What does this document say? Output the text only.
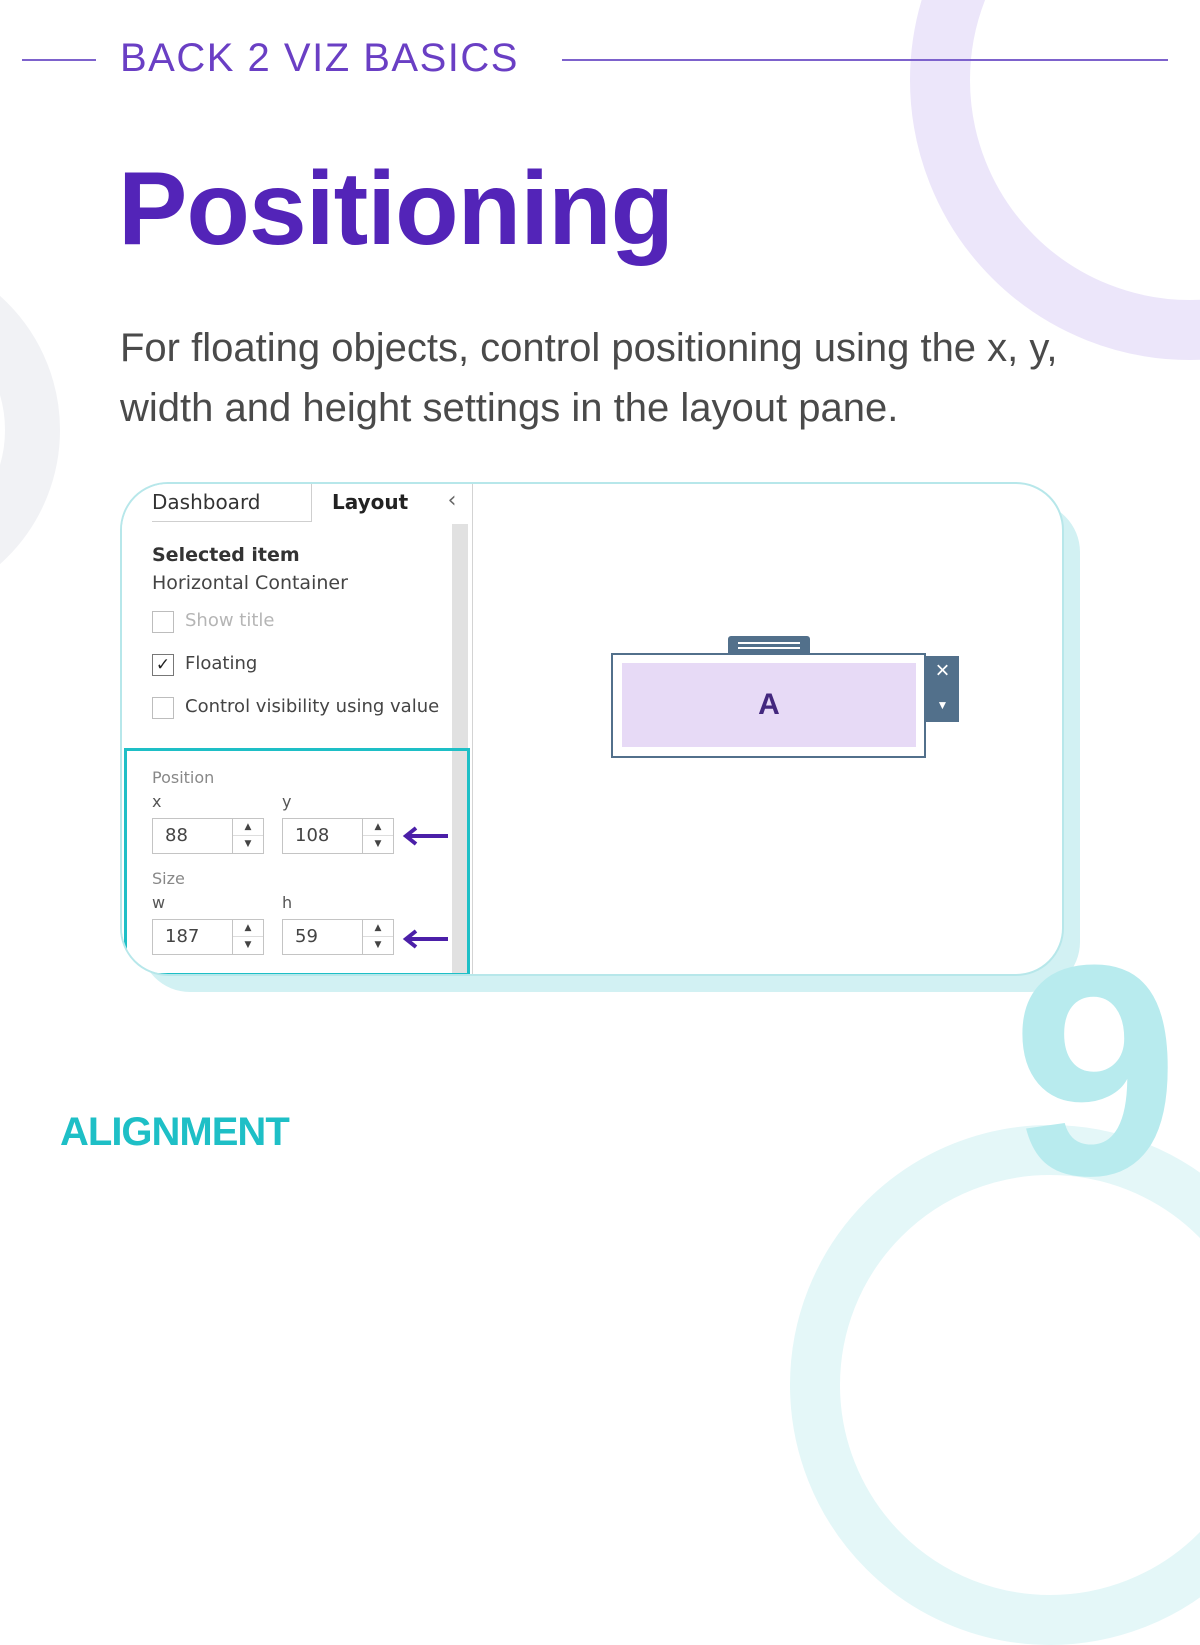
BACK 2 VIZ BASICS
Positioning
For floating objects, control positioning using the x, y, width and height settings in the layout pane.
Dashboard	Layout	‹
Selected item
Horizontal Container
Show title
✓ Floating
Control visibility using value
Position
x	y
88	▲
▼	108	▲
▼
Size
w	h
187	▲
▼	59	▲
▼
A
×
▼
9
ALIGNMENT
